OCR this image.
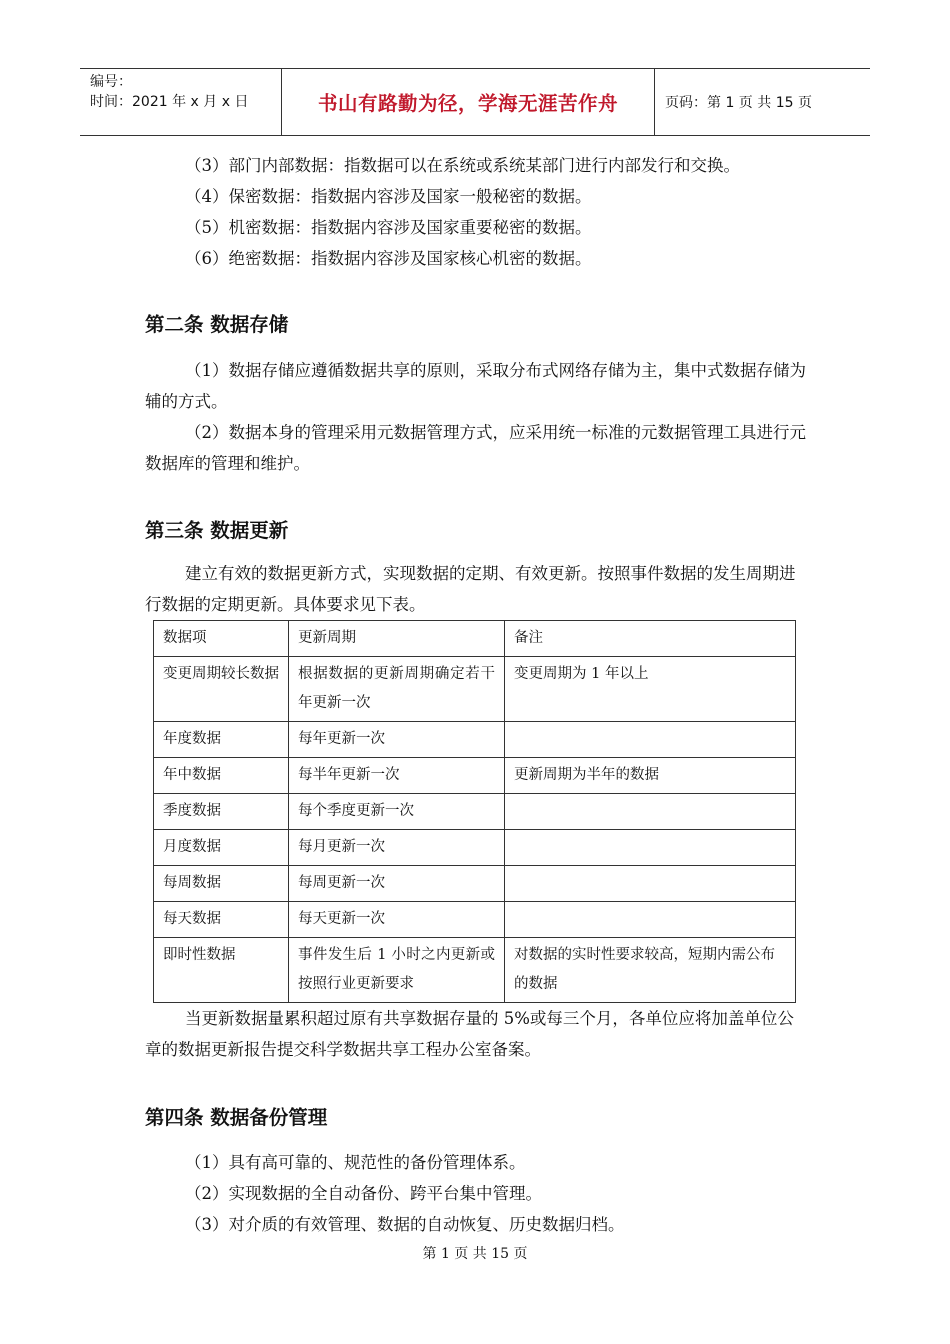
编号：
时间：2021 年 x 月 x 日	书山有路勤为径，学海无涯苦作舟	页码：第 1 页 共 15 页

（3）部门内部数据：指数据可以在系统或系统某部门进行内部发行和交换。

（4）保密数据：指数据内容涉及国家一般秘密的数据。

（5）机密数据：指数据内容涉及国家重要秘密的数据。

（6）绝密数据：指数据内容涉及国家核心机密的数据。

第二条 数据存储

（1）数据存储应遵循数据共享的原则，采取分布式网络存储为主，集中式数据存储为辅的方式。

（2）数据本身的管理采用元数据管理方式，应采用统一标准的元数据管理工具进行元数据库的管理和维护。

第三条 数据更新

建立有效的数据更新方式，实现数据的定期、有效更新。按照事件数据的发生周期进行数据的定期更新。具体要求见下表。

数据项	更新周期	备注
变更周期较长数据	根据数据的更新周期确定若干年更新一次	变更周期为 1 年以上
年度数据	每年更新一次	
年中数据	每半年更新一次	更新周期为半年的数据
季度数据	每个季度更新一次	
月度数据	每月更新一次	
每周数据	每周更新一次	
每天数据	每天更新一次	
即时性数据	事件发生后 1 小时之内更新或按照行业更新要求	对数据的实时性要求较高，短期内需公布的数据

当更新数据量累积超过原有共享数据存量的 5%或每三个月，各单位应将加盖单位公章的数据更新报告提交科学数据共享工程办公室备案。

第四条 数据备份管理

（1）具有高可靠的、规范性的备份管理体系。

（2）实现数据的全自动备份、跨平台集中管理。

（3）对介质的有效管理、数据的自动恢复、历史数据归档。

第 1 页 共 15 页
